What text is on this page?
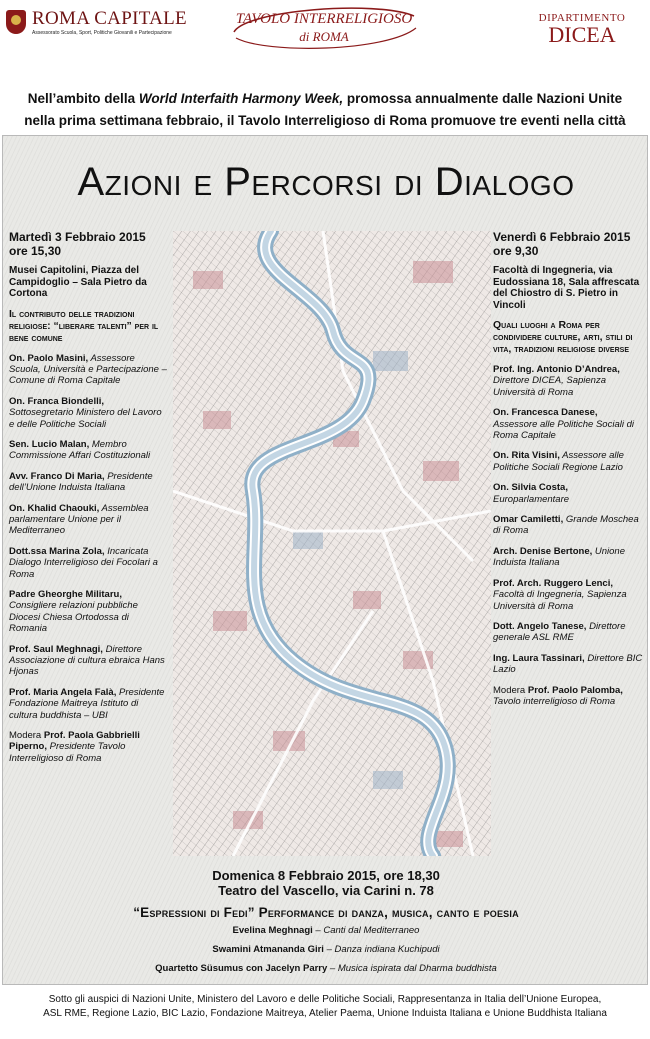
ROMA CAPITALE
Assessorato Scuola, Sport, Politiche Giovanili e Partecipazione
TAVOLO INTERRELIGIOSO
di ROMA
DIPARTIMENTO
DICEA
Nell’ambito della World Interfaith Harmony Week, promossa annualmente dalle Nazioni Unite
nella prima settimana febbraio, il Tavolo Interreligioso di Roma promuove tre eventi nella città
Azioni e Percorsi di Dialogo
Martedì 3 Febbraio 2015
ore 15,30
Musei Capitolini, Piazza del Campidoglio – Sala Pietro da Cortona
Il contributo delle tradizioni religiose: “liberare talenti” per il bene comune
On. Paolo Masini, Assessore Scuola, Università e Partecipazione – Comune di Roma Capitale
On. Franca Biondelli, Sottosegretario Ministero del Lavoro e delle Politiche Sociali
Sen. Lucio Malan, Membro Commissione Affari Costituzionali
Avv. Franco Di Maria, Presidente dell’Unione Induista Italiana
On. Khalid Chaouki, Assemblea parlamentare Unione per il Mediterraneo
Dott.ssa Marina Zola, Incaricata Dialogo Interreligioso dei Focolari a Roma
Padre Gheorghe Militaru, Consigliere relazioni pubbliche Diocesi Chiesa Ortodossa di Romania
Prof. Saul Meghnagi, Direttore Associazione di cultura ebraica Hans Hjonas
Prof. Maria Angela Falà, Presidente Fondazione Maitreya Istituto di cultura buddhista – UBI
Modera Prof. Paola Gabbrielli Piperno, Presidente Tavolo Interreligioso di Roma
Venerdì 6 Febbraio 2015
ore 9,30
Facoltà di Ingegneria, via Eudossiana 18, Sala affrescata del Chiostro di S. Pietro in Vincoli
Quali luoghi a Roma per condividere culture, arti, stili di vita, tradizioni religiose diverse
Prof. Ing. Antonio D’Andrea, Direttore DICEA, Sapienza Università di Roma
On. Francesca Danese, Assessore alle Politiche Sociali di Roma Capitale
On. Rita Visini, Assessore alle Politiche Sociali Regione Lazio
On. Silvia Costa, Europarlamentare
Omar Camiletti, Grande Moschea di Roma
Arch. Denise Bertone, Unione Induista Italiana
Prof. Arch. Ruggero Lenci, Facoltà di Ingegneria, Sapienza Università di Roma
Dott. Angelo Tanese, Direttore generale ASL RME
Ing. Laura Tassinari, Direttore BIC Lazio
Modera Prof. Paolo Palomba, Tavolo interreligioso di Roma
Domenica 8 Febbraio 2015, ore 18,30
Teatro del Vascello, via Carini n. 78
“Espressioni di Fedi” Performance di danza, musica, canto e poesia
Evelina Meghnagi – Canti dal Mediterraneo
Swamini Atmananda Giri – Danza indiana Kuchipudi
Quartetto Süsumus con Jacelyn Parry – Musica ispirata dal Dharma buddhista
Sotto gli auspici di Nazioni Unite, Ministero del Lavoro e delle Politiche Sociali, Rappresentanza in Italia dell’Unione Europea,
ASL RME, Regione Lazio, BIC Lazio, Fondazione Maitreya, Atelier Paema, Unione Induista Italiana e Unione Buddhista Italiana
